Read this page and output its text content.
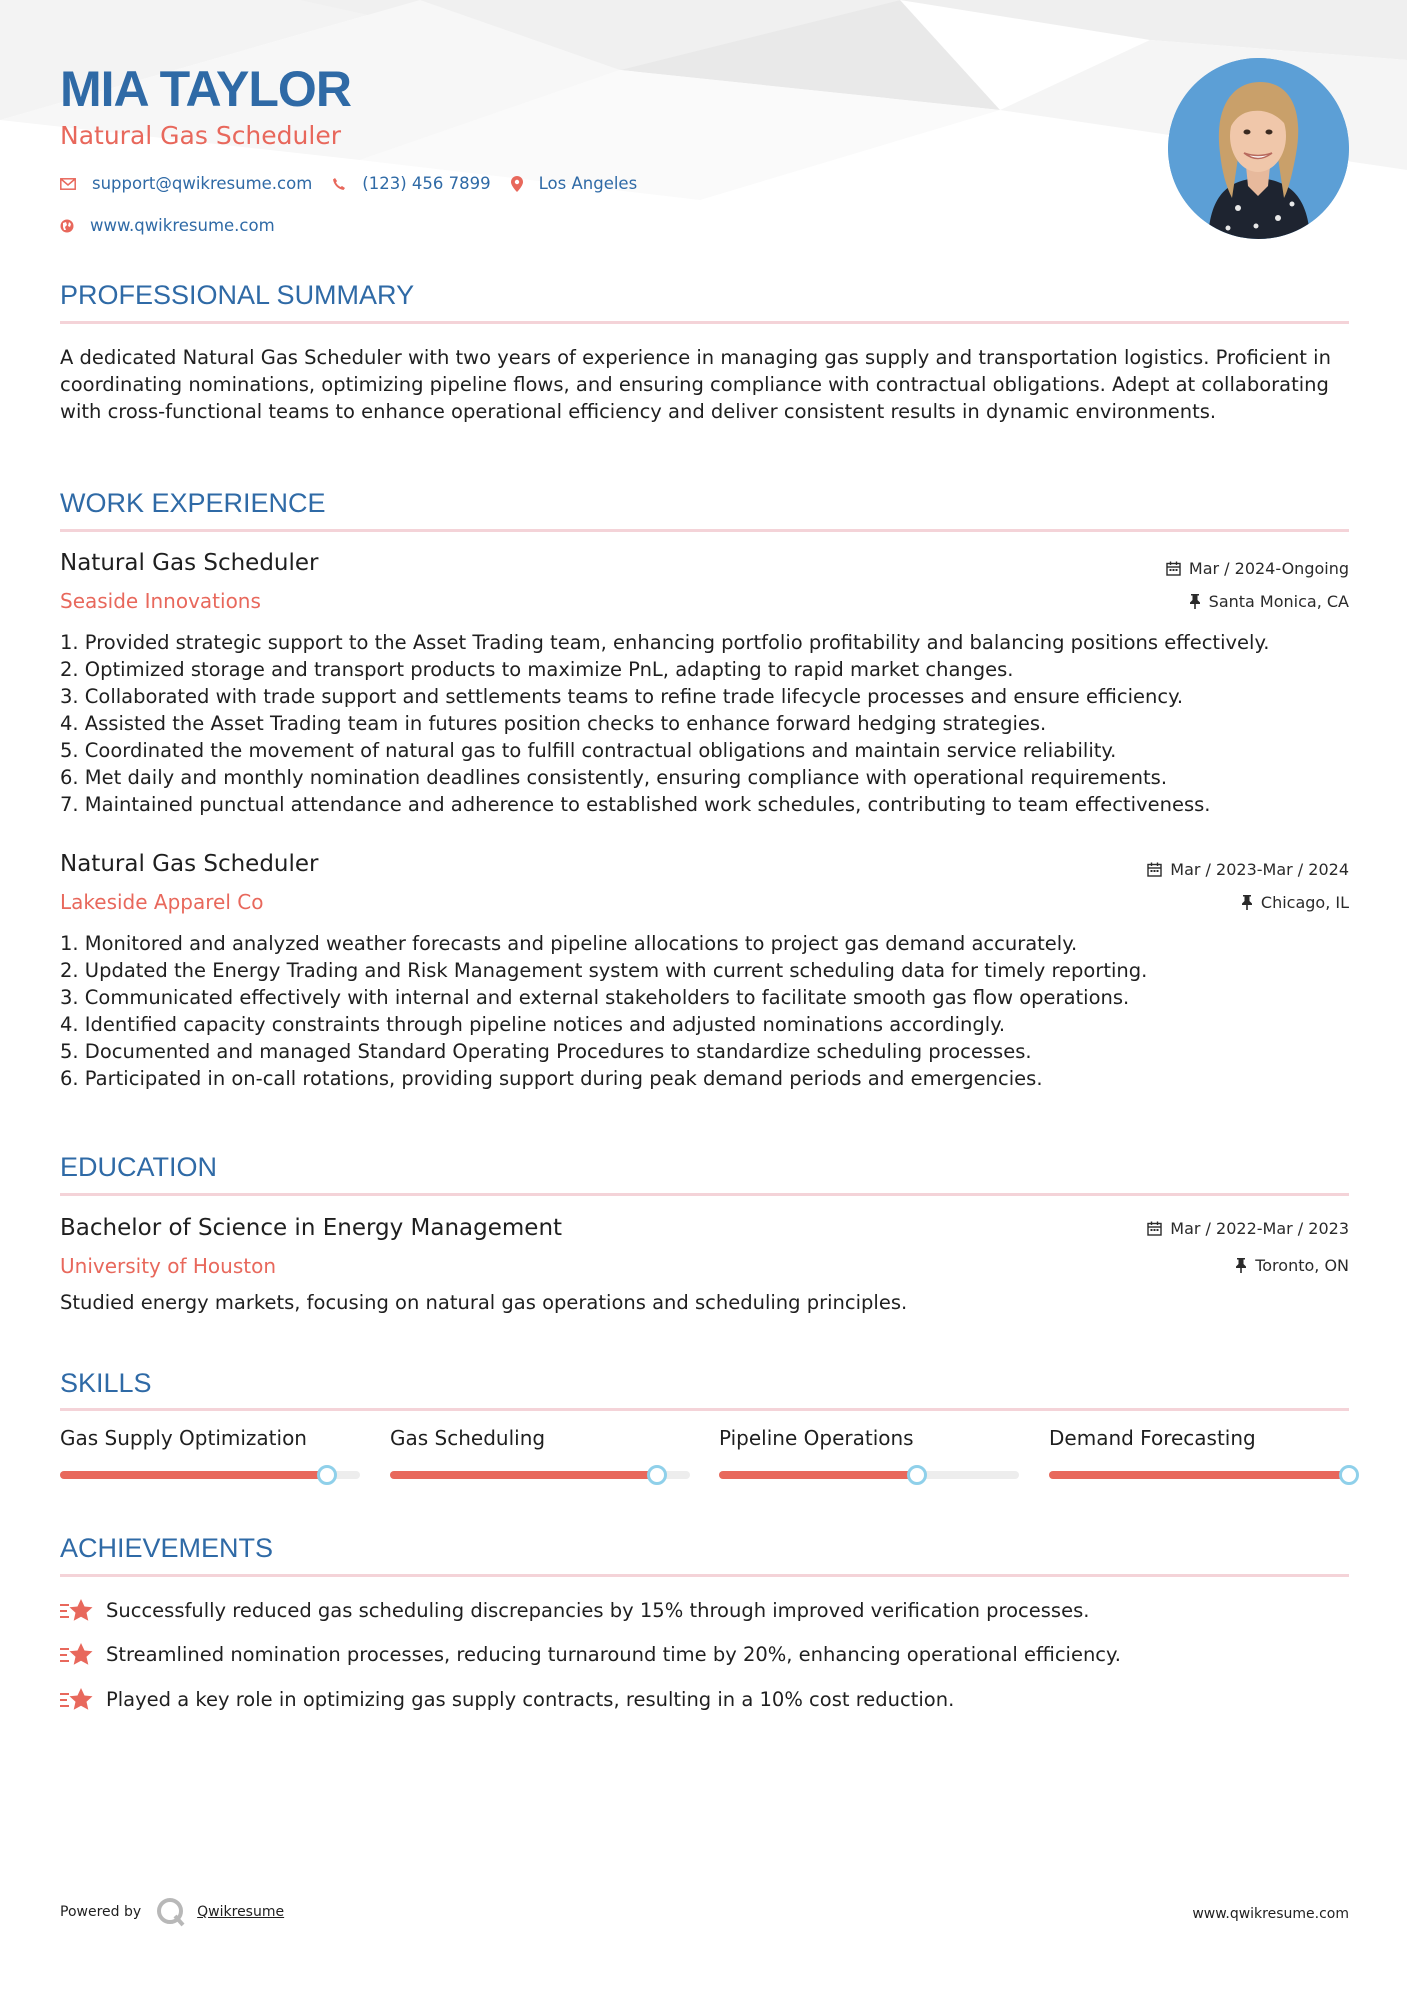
MIA TAYLOR
Natural Gas Scheduler
support@qwikresume.com	(123) 456 7899	Los Angeles
www.qwikresume.com
PROFESSIONAL SUMMARY
A dedicated Natural Gas Scheduler with two years of experience in managing gas supply and transportation logistics. Proficient in coordinating nominations, optimizing pipeline flows, and ensuring compliance with contractual obligations. Adept at collaborating with cross-functional teams to enhance operational efficiency and deliver consistent results in dynamic environments.
WORK EXPERIENCE
Natural Gas Scheduler
Seaside Innovations
Mar / 2024-Ongoing
Santa Monica, CA
1. Provided strategic support to the Asset Trading team, enhancing portfolio profitability and balancing positions effectively.
2. Optimized storage and transport products to maximize PnL, adapting to rapid market changes.
3. Collaborated with trade support and settlements teams to refine trade lifecycle processes and ensure efficiency.
4. Assisted the Asset Trading team in futures position checks to enhance forward hedging strategies.
5. Coordinated the movement of natural gas to fulfill contractual obligations and maintain service reliability.
6. Met daily and monthly nomination deadlines consistently, ensuring compliance with operational requirements.
7. Maintained punctual attendance and adherence to established work schedules, contributing to team effectiveness.
Natural Gas Scheduler
Lakeside Apparel Co
Mar / 2023-Mar / 2024
Chicago, IL
1. Monitored and analyzed weather forecasts and pipeline allocations to project gas demand accurately.
2. Updated the Energy Trading and Risk Management system with current scheduling data for timely reporting.
3. Communicated effectively with internal and external stakeholders to facilitate smooth gas flow operations.
4. Identified capacity constraints through pipeline notices and adjusted nominations accordingly.
5. Documented and managed Standard Operating Procedures to standardize scheduling processes.
6. Participated in on-call rotations, providing support during peak demand periods and emergencies.
EDUCATION
Bachelor of Science in Energy Management
University of Houston
Mar / 2022-Mar / 2023
Toronto, ON
Studied energy markets, focusing on natural gas operations and scheduling principles.
SKILLS
Gas Supply Optimization	Gas Scheduling	Pipeline Operations	Demand Forecasting
ACHIEVEMENTS
Successfully reduced gas scheduling discrepancies by 15% through improved verification processes.
Streamlined nomination processes, reducing turnaround time by 20%, enhancing operational efficiency.
Played a key role in optimizing gas supply contracts, resulting in a 10% cost reduction.
Powered by	Qwikresume	www.qwikresume.com
